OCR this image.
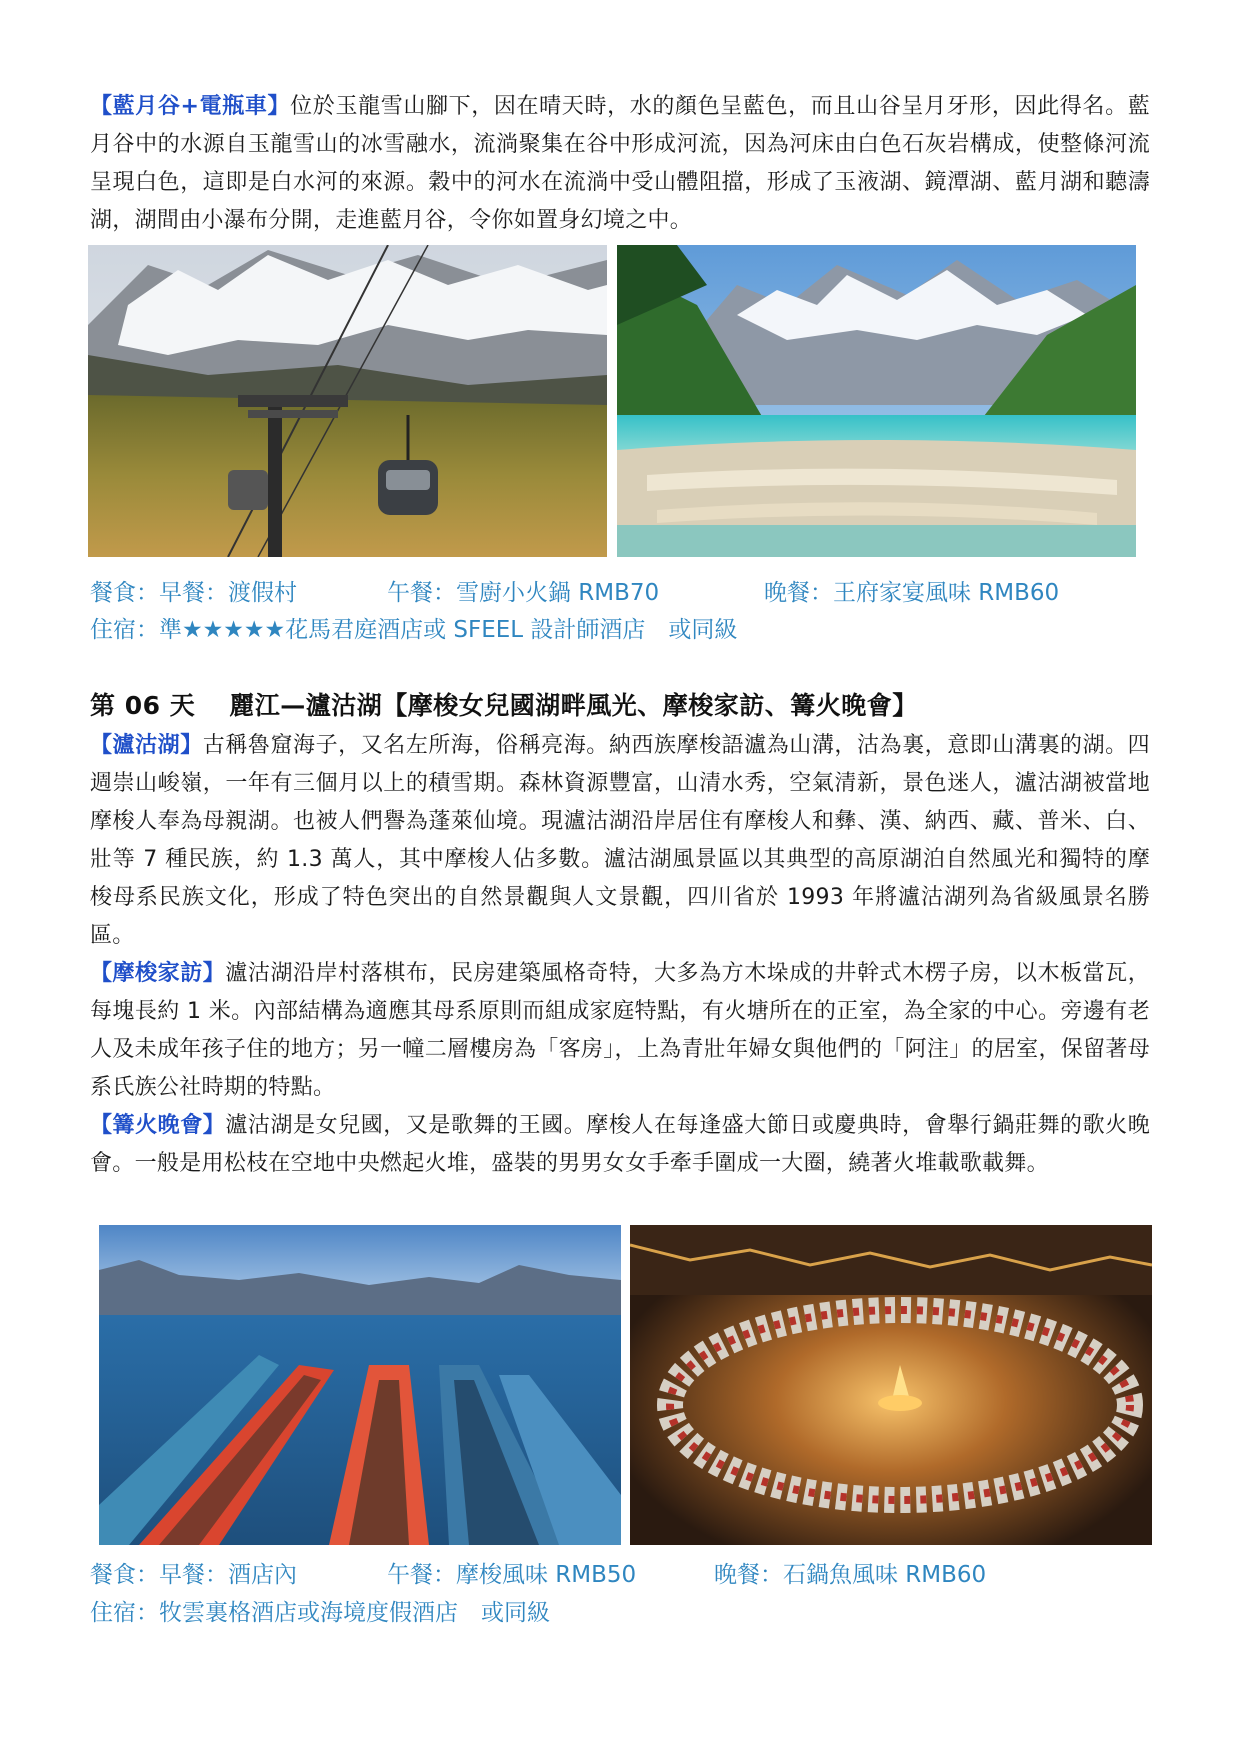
【藍月谷+電瓶車】位於玉龍雪山腳下，因在晴天時，水的顏色呈藍色，而且山谷呈月牙形，因此得名。藍月谷中的水源自玉龍雪山的冰雪融水，流淌聚集在谷中形成河流，因為河床由白色石灰岩構成，使整條河流呈現白色，這即是白水河的來源。穀中的河水在流淌中受山體阻擋，形成了玉液湖、鏡潭湖、藍月湖和聽濤湖，湖間由小瀑布分開，走進藍月谷，令你如置身幻境之中。

餐食：早餐：渡假村	午餐：雪廚小火鍋 RMB70	晚餐：王府家宴風味 RMB60
住宿：準★★★★★花馬君庭酒店或 SFEEL 設計師酒店　或同級
第 06 天 麗江—瀘沽湖【摩梭女兒國湖畔風光、摩梭家訪、篝火晚會】

【瀘沽湖】古稱魯窟海子，又名左所海，俗稱亮海。納西族摩梭語瀘為山溝，沽為裏，意即山溝裏的湖。四週崇山峻嶺，一年有三個月以上的積雪期。森林資源豐富，山清水秀，空氣清新，景色迷人，瀘沽湖被當地摩梭人奉為母親湖。也被人們譽為蓬萊仙境。現瀘沽湖沿岸居住有摩梭人和彝、漢、納西、藏、普米、白、壯等 7 種民族，約 1.3 萬人，其中摩梭人佔多數。瀘沽湖風景區以其典型的高原湖泊自然風光和獨特的摩梭母系民族文化，形成了特色突出的自然景觀與人文景觀，四川省於 1993 年將瀘沽湖列為省級風景名勝區。

【摩梭家訪】瀘沽湖沿岸村落棋布，民房建築風格奇特，大多為方木垛成的井幹式木楞子房，以木板當瓦，每塊長約 1 米。內部結構為適應其母系原則而組成家庭特點，有火塘所在的正室，為全家的中心。旁邊有老人及未成年孩子住的地方；另一幢二層樓房為「客房」，上為青壯年婦女與他們的「阿注」的居室，保留著母系氏族公社時期的特點。

【篝火晚會】瀘沽湖是女兒國，又是歌舞的王國。摩梭人在每逢盛大節日或慶典時，會舉行鍋莊舞的歌火晚會。一般是用松枝在空地中央燃起火堆，盛裝的男男女女手牽手圍成一大圈，繞著火堆載歌載舞。

餐食：早餐：酒店內	午餐：摩梭風味 RMB50	晚餐：石鍋魚風味 RMB60
住宿：牧雲裏格酒店或海境度假酒店　或同級
